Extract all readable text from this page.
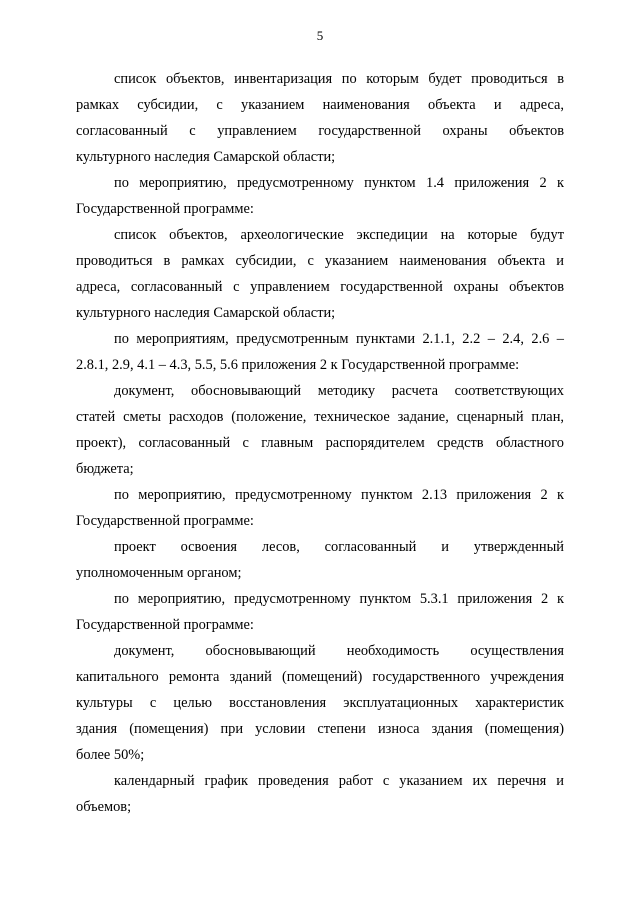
5
список объектов, инвентаризация по которым будет проводиться в
рамках субсидии, с указанием наименования объекта и адреса,
согласованный с управлением государственной охраны объектов
культурного наследия Самарской области;
по мероприятию, предусмотренному пунктом 1.4 приложения 2 к
Государственной программе:
список объектов, археологические экспедиции на которые будут
проводиться в рамках субсидии, с указанием наименования объекта и
адреса, согласованный с управлением государственной охраны объектов
культурного наследия Самарской области;
по мероприятиям, предусмотренным пунктами 2.1.1, 2.2 – 2.4, 2.6 –
2.8.1, 2.9, 4.1 – 4.3, 5.5, 5.6 приложения 2 к Государственной программе:
документ, обосновывающий методику расчета соответствующих
статей сметы расходов (положение, техническое задание, сценарный план,
проект), согласованный с главным распорядителем средств областного
бюджета;
по мероприятию, предусмотренному пунктом 2.13 приложения 2 к
Государственной программе:
проект освоения лесов, согласованный и утвержденный
уполномоченным органом;
по мероприятию, предусмотренному пунктом 5.3.1 приложения 2 к
Государственной программе:
документ, обосновывающий необходимость осуществления
капитального ремонта зданий (помещений) государственного учреждения
культуры с целью восстановления эксплуатационных характеристик
здания (помещения) при условии степени износа здания (помещения)
более 50%;
календарный график проведения работ с указанием их перечня и
объемов;
